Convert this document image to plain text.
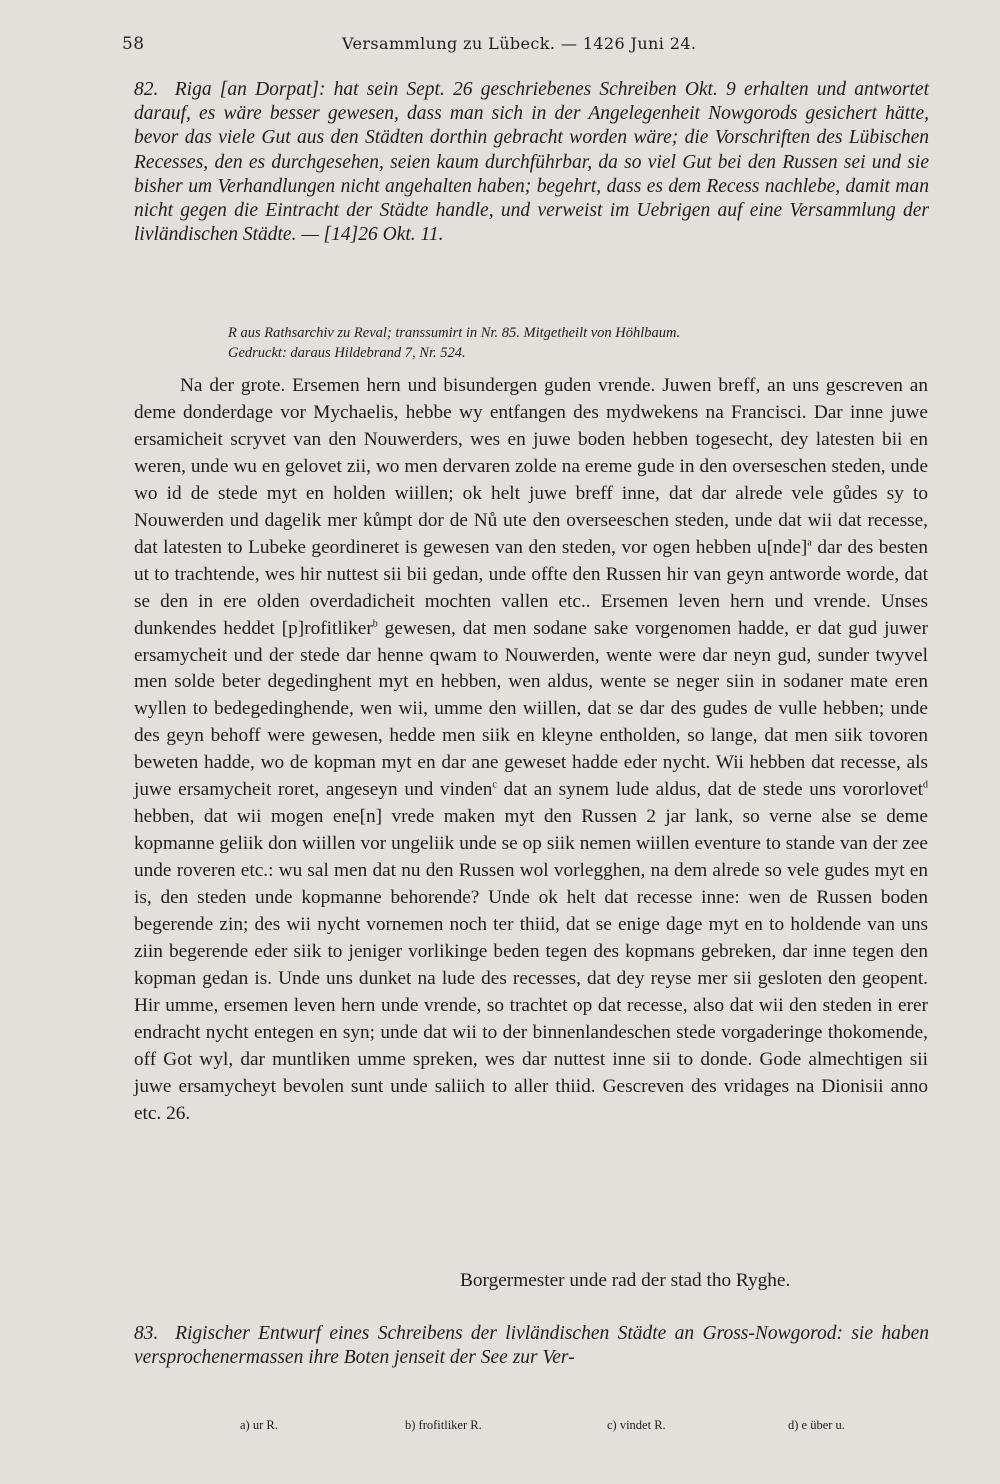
58	Versammlung zu Lübeck. — 1426 Juni 24.

82. Riga [an Dorpat]: hat sein Sept. 26 geschriebenes Schreiben Okt. 9 erhalten und antwortet darauf, es wäre besser gewesen, dass man sich in der Angelegenheit Nowgorods gesichert hätte, bevor das viele Gut aus den Städten dorthin gebracht worden wäre; die Vorschriften des Lübischen Recesses, den es durchgesehen, seien kaum durchführbar, da so viel Gut bei den Russen sei und sie bisher um Verhandlungen nicht angehalten haben; begehrt, dass es dem Recess nachlebe, damit man nicht gegen die Eintracht der Städte handle, und verweist im Uebrigen auf eine Versammlung der livländischen Städte. — [14]26 Okt. 11.

R aus Rathsarchiv zu Reval; transsumirt in Nr. 85. Mitgetheilt von Höhlbaum.
Gedruckt: daraus Hildebrand 7, Nr. 524.

Na der grote. Ersemen hern und bisundergen guden vrende. Juwen breff, an uns gescreven an deme donderdage vor Mychaelis, hebbe wy entfangen des mydwekens na Francisci. Dar inne juwe ersamicheit scryvet van den Nouwerders, wes en juwe boden hebben togesecht, dey latesten bii en weren, unde wu en gelovet zii, wo men dervaren zolde na ereme gude in den overseschen steden, unde wo id de stede myt en holden wiillen; ok helt juwe breff inne, dat dar alrede vele gůdes sy to Nouwerden und dagelik mer kůmpt dor de Nů ute den overseeschen steden, unde dat wii dat recesse, dat latesten to Lubeke geordineret is gewesen van den steden, vor ogen hebben u[nde]$^a$ dar des besten ut to trachtende, wes hir nuttest sii bii gedan, unde offte den Russen hir van geyn antworde worde, dat se den in ere olden overdadicheit mochten vallen etc.. Ersemen leven hern und vrende. Unses dunkendes heddet [p]rofitliker$^b$ gewesen, dat men sodane sake vorgenomen hadde, er dat gud juwer ersamycheit und der stede dar henne qwam to Nouwerden, wente were dar neyn gud, sunder twyvel men solde beter degedinghent myt en hebben, wen aldus, wente se neger siin in sodaner mate eren wyllen to bedegedinghende, wen wii, umme den wiillen, dat se dar des gudes de vulle hebben; unde des geyn behoff were gewesen, hedde men siik en kleyne entholden, so lange, dat men siik tovoren beweten hadde, wo de kopman myt en dar ane geweset hadde eder nycht. Wii hebben dat recesse, als juwe ersamycheit roret, angeseyn und vinden$^c$ dat an synem lude aldus, dat de stede uns vororlovet$^d$ hebben, dat wii mogen ene[n] vrede maken myt den Russen 2 jar lank, so verne alse se deme kopmanne geliik don wiillen vor ungeliik unde se op siik nemen wiillen eventure to stande van der zee unde roveren etc.: wu sal men dat nu den Russen wol vorlegghen, na dem alrede so vele gudes myt en is, den steden unde kopmanne behorende? Unde ok helt dat recesse inne: wen de Russen boden begerende zin; des wii nycht vornemen noch ter thiid, dat se enige dage myt en to holdende van uns ziin begerende eder siik to jeniger vorlikinge beden tegen des kopmans gebreken, dar inne tegen den kopman gedan is. Unde uns dunket na lude des recesses, dat dey reyse mer sii gesloten den geopent. Hir umme, ersemen leven hern unde vrende, so trachtet op dat recesse, also dat wii den steden in erer endracht nycht entegen en syn; unde dat wii to der binnenlandeschen stede vorgaderinge thokomende, off Got wyl, dar muntliken umme spreken, wes dar nuttest inne sii to donde. Gode almechtigen sii juwe ersamycheyt bevolen sunt unde saliich to aller thiid. Gescreven des vridages na Dionisii anno etc. 26.

Borgermester unde rad der stad tho Ryghe.

83. Rigischer Entwurf eines Schreibens der livländischen Städte an Gross-Nowgorod: sie haben versprochenermassen ihre Boten jenseit der See zur Ver-

a) ur R.	b) frofitliker R.	c) vindet R.	d) e über u.
